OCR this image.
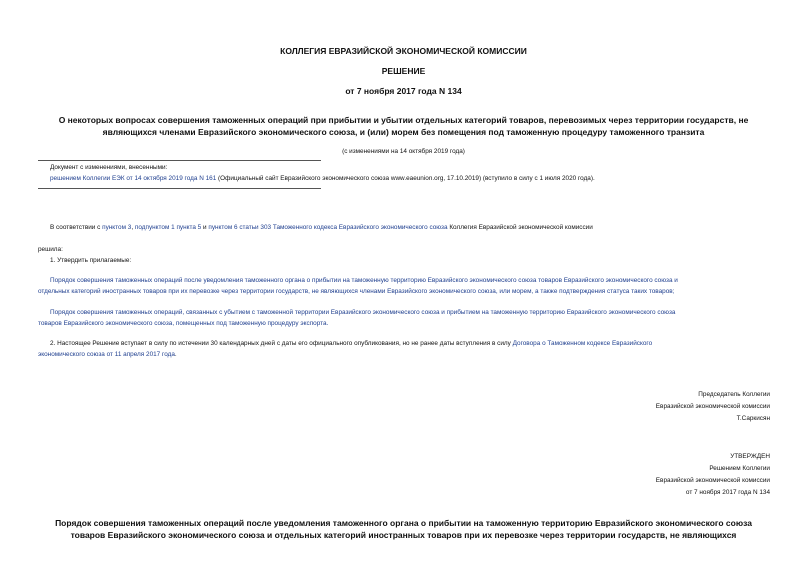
КОЛЛЕГИЯ ЕВРАЗИЙСКОЙ ЭКОНОМИЧЕСКОЙ КОМИССИИ
РЕШЕНИЕ
от 7 ноября 2017 года N 134
О некоторых вопросах совершения таможенных операций при прибытии и убытии отдельных категорий товаров, перевозимых через территории государств, не
являющихся членами Евразийского экономического союза, и (или) морем без помещения под таможенную процедуру таможенного транзита
(с изменениями на 14 октября 2019 года)
Документ с изменениями, внесенными:
решением Коллегии ЕЭК от 14 октября 2019 года N 161 (Официальный сайт Евразийского экономического союза www.eaeunion.org, 17.10.2019) (вступило в силу с 1 июля 2020 года).
В соответствии с пунктом 3, подпунктом 1 пункта 5 и пунктом 6 статьи 303 Таможенного кодекса Евразийского экономического союза Коллегия Евразийской экономической комиссии
решила:
1. Утвердить прилагаемые:
Порядок совершения таможенных операций после уведомления таможенного органа о прибытии на таможенную территорию Евразийского экономического союза товаров Евразийского экономического союза и
отдельных категорий иностранных товаров при их перевозке через территории государств, не являющихся членами Евразийского экономического союза, или морем, а также подтверждения статуса таких товаров;
Порядок совершения таможенных операций, связанных с убытием с таможенной территории Евразийского экономического союза и прибытием на таможенную территорию Евразийского экономического союза
товаров Евразийского экономического союза, помещенных под таможенную процедуру экспорта.
2. Настоящее Решение вступает в силу по истечении 30 календарных дней с даты его официального опубликования, но не ранее даты вступления в силу Договора о Таможенном кодексе Евразийского
экономического союза от 11 апреля 2017 года.
Председатель Коллегии
Евразийской экономической комиссии
Т.Саркисян
УТВЕРЖДЕН
Решением Коллегии
Евразийской экономической комиссии
от 7 ноября 2017 года N 134
Порядок совершения таможенных операций после уведомления таможенного органа о прибытии на таможенную территорию Евразийского экономического союза
товаров Евразийского экономического союза и отдельных категорий иностранных товаров при их перевозке через территории государств, не являющихся
